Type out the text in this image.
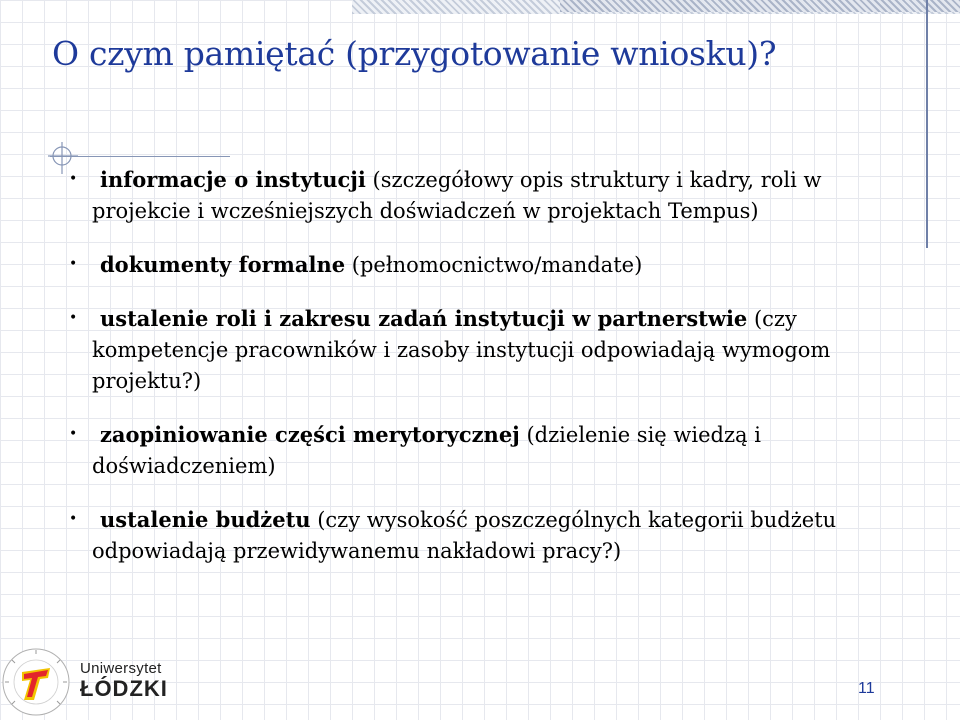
O czym pamiętać (przygotowanie wniosku)?
• informacje o instytucji (szczegółowy opis struktury i kadry, roli w projekcie i wcześniejszych doświadczeń w projektach Tempus)
• dokumenty formalne (pełnomocnictwo/mandate)
• ustalenie roli i zakresu zadań instytucji w partnerstwie (czy kompetencje pracowników i zasoby instytucji odpowiadają wymogom projektu?)
• zaopiniowanie części merytorycznej (dzielenie się wiedzą i doświadczeniem)
• ustalenie budżetu (czy wysokość poszczególnych kategorii budżetu odpowiadają przewidywanemu nakładowi pracy?)
Uniwersytet
ŁÓDZKI	11
